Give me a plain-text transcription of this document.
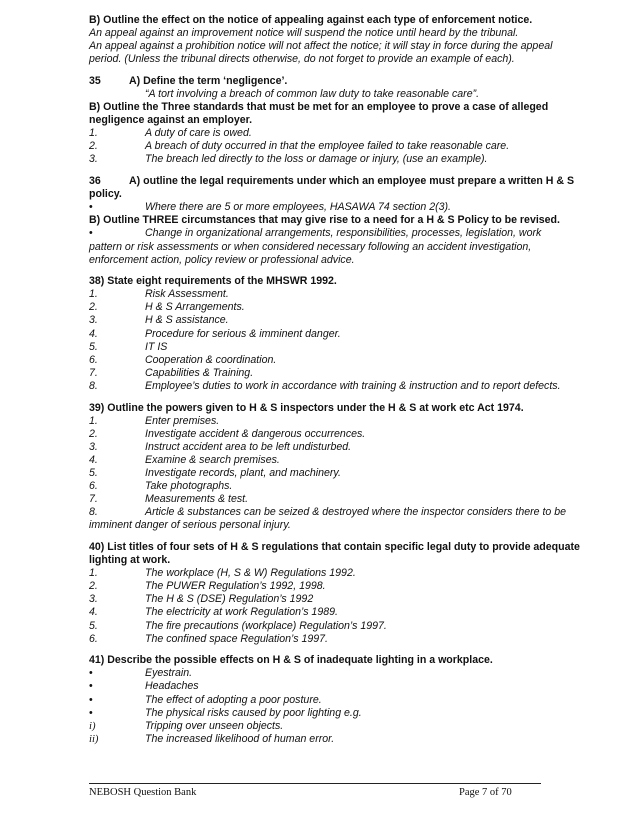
B) Outline the effect on the notice of appealing against each type of enforcement notice.
An appeal against an improvement notice will suspend the notice until heard by the tribunal.
An appeal against a prohibition notice will not affect the notice; it will stay in force during the appeal
period. (Unless the tribunal directs otherwise, do not forget to provide an example of each).
35	A) Define the term ‘negligence’.
“A tort involving a breach of common law duty to take reasonable care”.
B) Outline the Three standards that must be met for an employee to prove a case of alleged
negligence against an employer.
1.	A duty of care is owed.
2.	A breach of duty occurred in that the employee failed to take reasonable care.
3.	The breach led directly to the loss or damage or injury, (use an example).
36	A) outline the legal requirements under which an employee must prepare a written H & S
policy.
•	Where there are 5 or more employees, HASAWA 74 section 2(3).
B) Outline THREE circumstances that may give rise to a need for a H & S Policy to be revised.
•	Change in organizational arrangements, responsibilities, processes, legislation, work
pattern or risk assessments or when considered necessary following an accident investigation,
enforcement action, policy review or professional advice.
38) State eight requirements of the MHSWR 1992.
1.	Risk Assessment.
2.	H & S Arrangements.
3.	H & S assistance.
4.	Procedure for serious & imminent danger.
5.	IT IS
6.	Cooperation & coordination.
7.	Capabilities & Training.
8.	Employee’s duties to work in accordance with training & instruction and to report defects.
39) Outline the powers given to H & S inspectors under the H & S at work etc Act 1974.
1.	Enter premises.
2.	Investigate accident & dangerous occurrences.
3.	Instruct accident area to be left undisturbed.
4.	Examine & search premises.
5.	Investigate records, plant, and machinery.
6.	Take photographs.
7.	Measurements & test.
8.	Article & substances can be seized & destroyed where the inspector considers there to be
imminent danger of serious personal injury.
40) List titles of four sets of H & S regulations that contain specific legal duty to provide adequate
lighting at work.
1.	The workplace (H, S & W) Regulations 1992.
2.	The PUWER Regulation’s 1992, 1998.
3.	The H & S (DSE) Regulation’s 1992
4.	The electricity at work Regulation’s 1989.
5.	The fire precautions (workplace) Regulation’s 1997.
6.	The confined space Regulation’s 1997.
41) Describe the possible effects on H & S of inadequate lighting in a workplace.
•	Eyestrain.
•	Headaches
•	The effect of adopting a poor posture.
•	The physical risks caused by poor lighting e.g.
i)	Tripping over unseen objects.
ii)	The increased likelihood of human error.
NEBOSH Question Bank	Page 7 of 70
